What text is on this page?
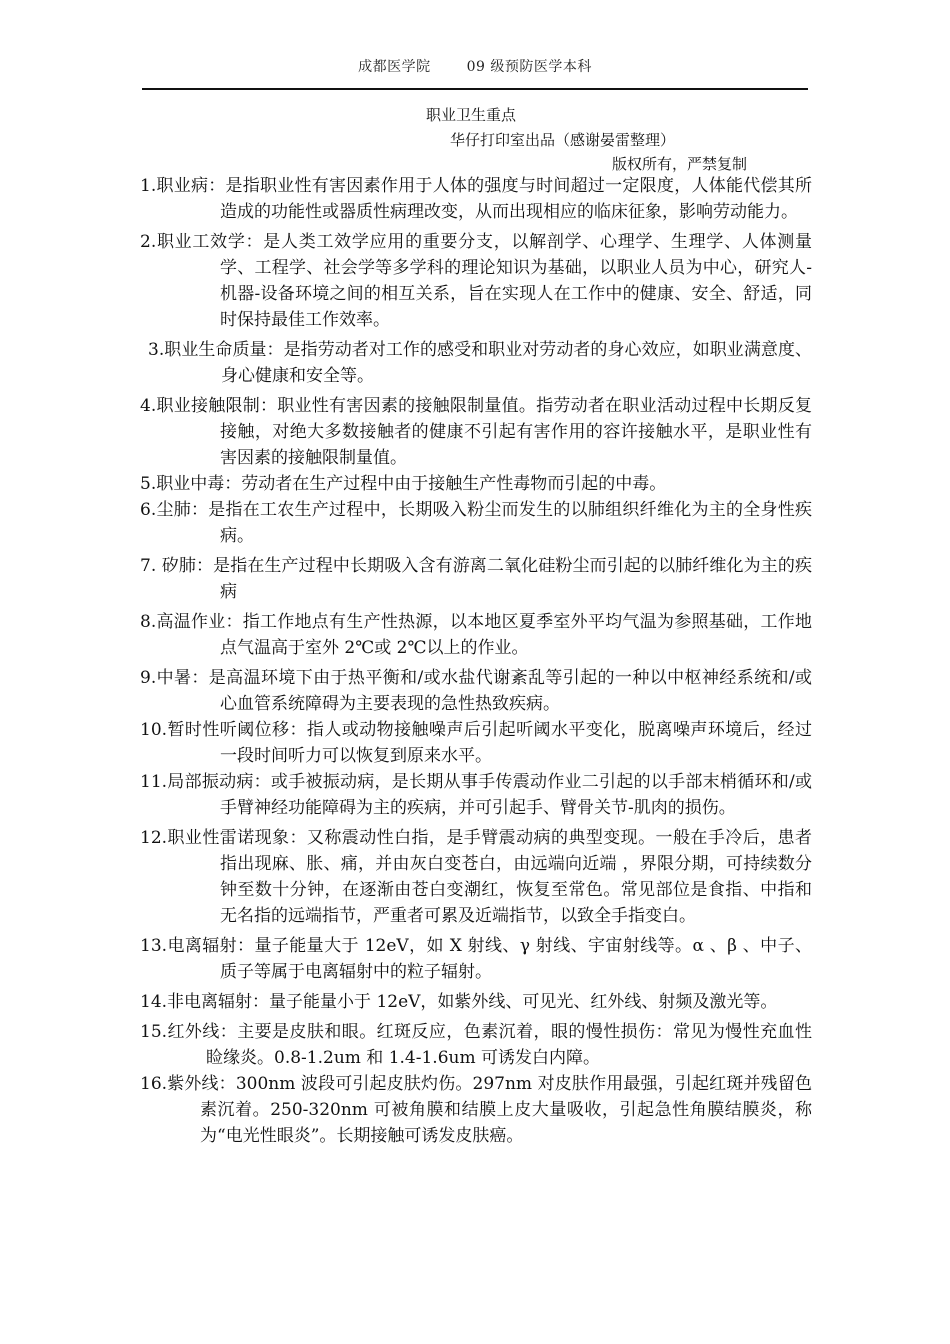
成都医学院	09 级预防医学本科
职业卫生重点
华仔打印室出品（感谢晏雷整理）
版权所有，严禁复制
1.职业病：是指职业性有害因素作用于人体的强度与时间超过一定限度，人体能代偿其所造成的功能性或器质性病理改变，从而出现相应的临床征象，影响劳动能力。
2.职业工效学：是人类工效学应用的重要分支，以解剖学、心理学、生理学、人体测量学、工程学、社会学等多学科的理论知识为基础，以职业人员为中心，研究人-机器-设备环境之间的相互关系，旨在实现人在工作中的健康、安全、舒适，同时保持最佳工作效率。
3.职业生命质量：是指劳动者对工作的感受和职业对劳动者的身心效应，如职业满意度、身心健康和安全等。
4.职业接触限制：职业性有害因素的接触限制量值。指劳动者在职业活动过程中长期反复接触，对绝大多数接触者的健康不引起有害作用的容许接触水平，是职业性有害因素的接触限制量值。
5.职业中毒：劳动者在生产过程中由于接触生产性毒物而引起的中毒。
6.尘肺：是指在工农生产过程中，长期吸入粉尘而发生的以肺组织纤维化为主的全身性疾病。
7. 矽肺：是指在生产过程中长期吸入含有游离二氧化硅粉尘而引起的以肺纤维化为主的疾病
8.高温作业：指工作地点有生产性热源，以本地区夏季室外平均气温为参照基础，工作地点气温高于室外 2℃或 2℃以上的作业。
9.中暑：是高温环境下由于热平衡和/或水盐代谢紊乱等引起的一种以中枢神经系统和/或心血管系统障碍为主要表现的急性热致疾病。
10.暂时性听阈位移：指人或动物接触噪声后引起听阈水平变化，脱离噪声环境后，经过一段时间听力可以恢复到原来水平。
11.局部振动病：或手被振动病，是长期从事手传震动作业二引起的以手部末梢循环和/或手臂神经功能障碍为主的疾病，并可引起手、臂骨关节-肌肉的损伤。
12.职业性雷诺现象：又称震动性白指，是手臂震动病的典型变现。一般在手冷后，患者指出现麻、胀、痛，并由灰白变苍白，由远端向近端 ，界限分期，可持续数分钟至数十分钟，在逐渐由苍白变潮红，恢复至常色。常见部位是食指、中指和无名指的远端指节，严重者可累及近端指节，以致全手指变白。
13.电离辐射：量子能量大于 12eV，如 X 射线、γ 射线、宇宙射线等。α 、β 、中子、质子等属于电离辐射中的粒子辐射。
14.非电离辐射：量子能量小于 12eV，如紫外线、可见光、红外线、射频及激光等。
15.红外线：主要是皮肤和眼。红斑反应，色素沉着，眼的慢性损伤：常见为慢性充血性睑缘炎。0.8-1.2um 和 1.4-1.6um 可诱发白内障。
16.紫外线：300nm 波段可引起皮肤灼伤。297nm 对皮肤作用最强，引起红斑并残留色素沉着。250-320nm 可被角膜和结膜上皮大量吸收，引起急性角膜结膜炎，称为“电光性眼炎”。长期接触可诱发皮肤癌。
